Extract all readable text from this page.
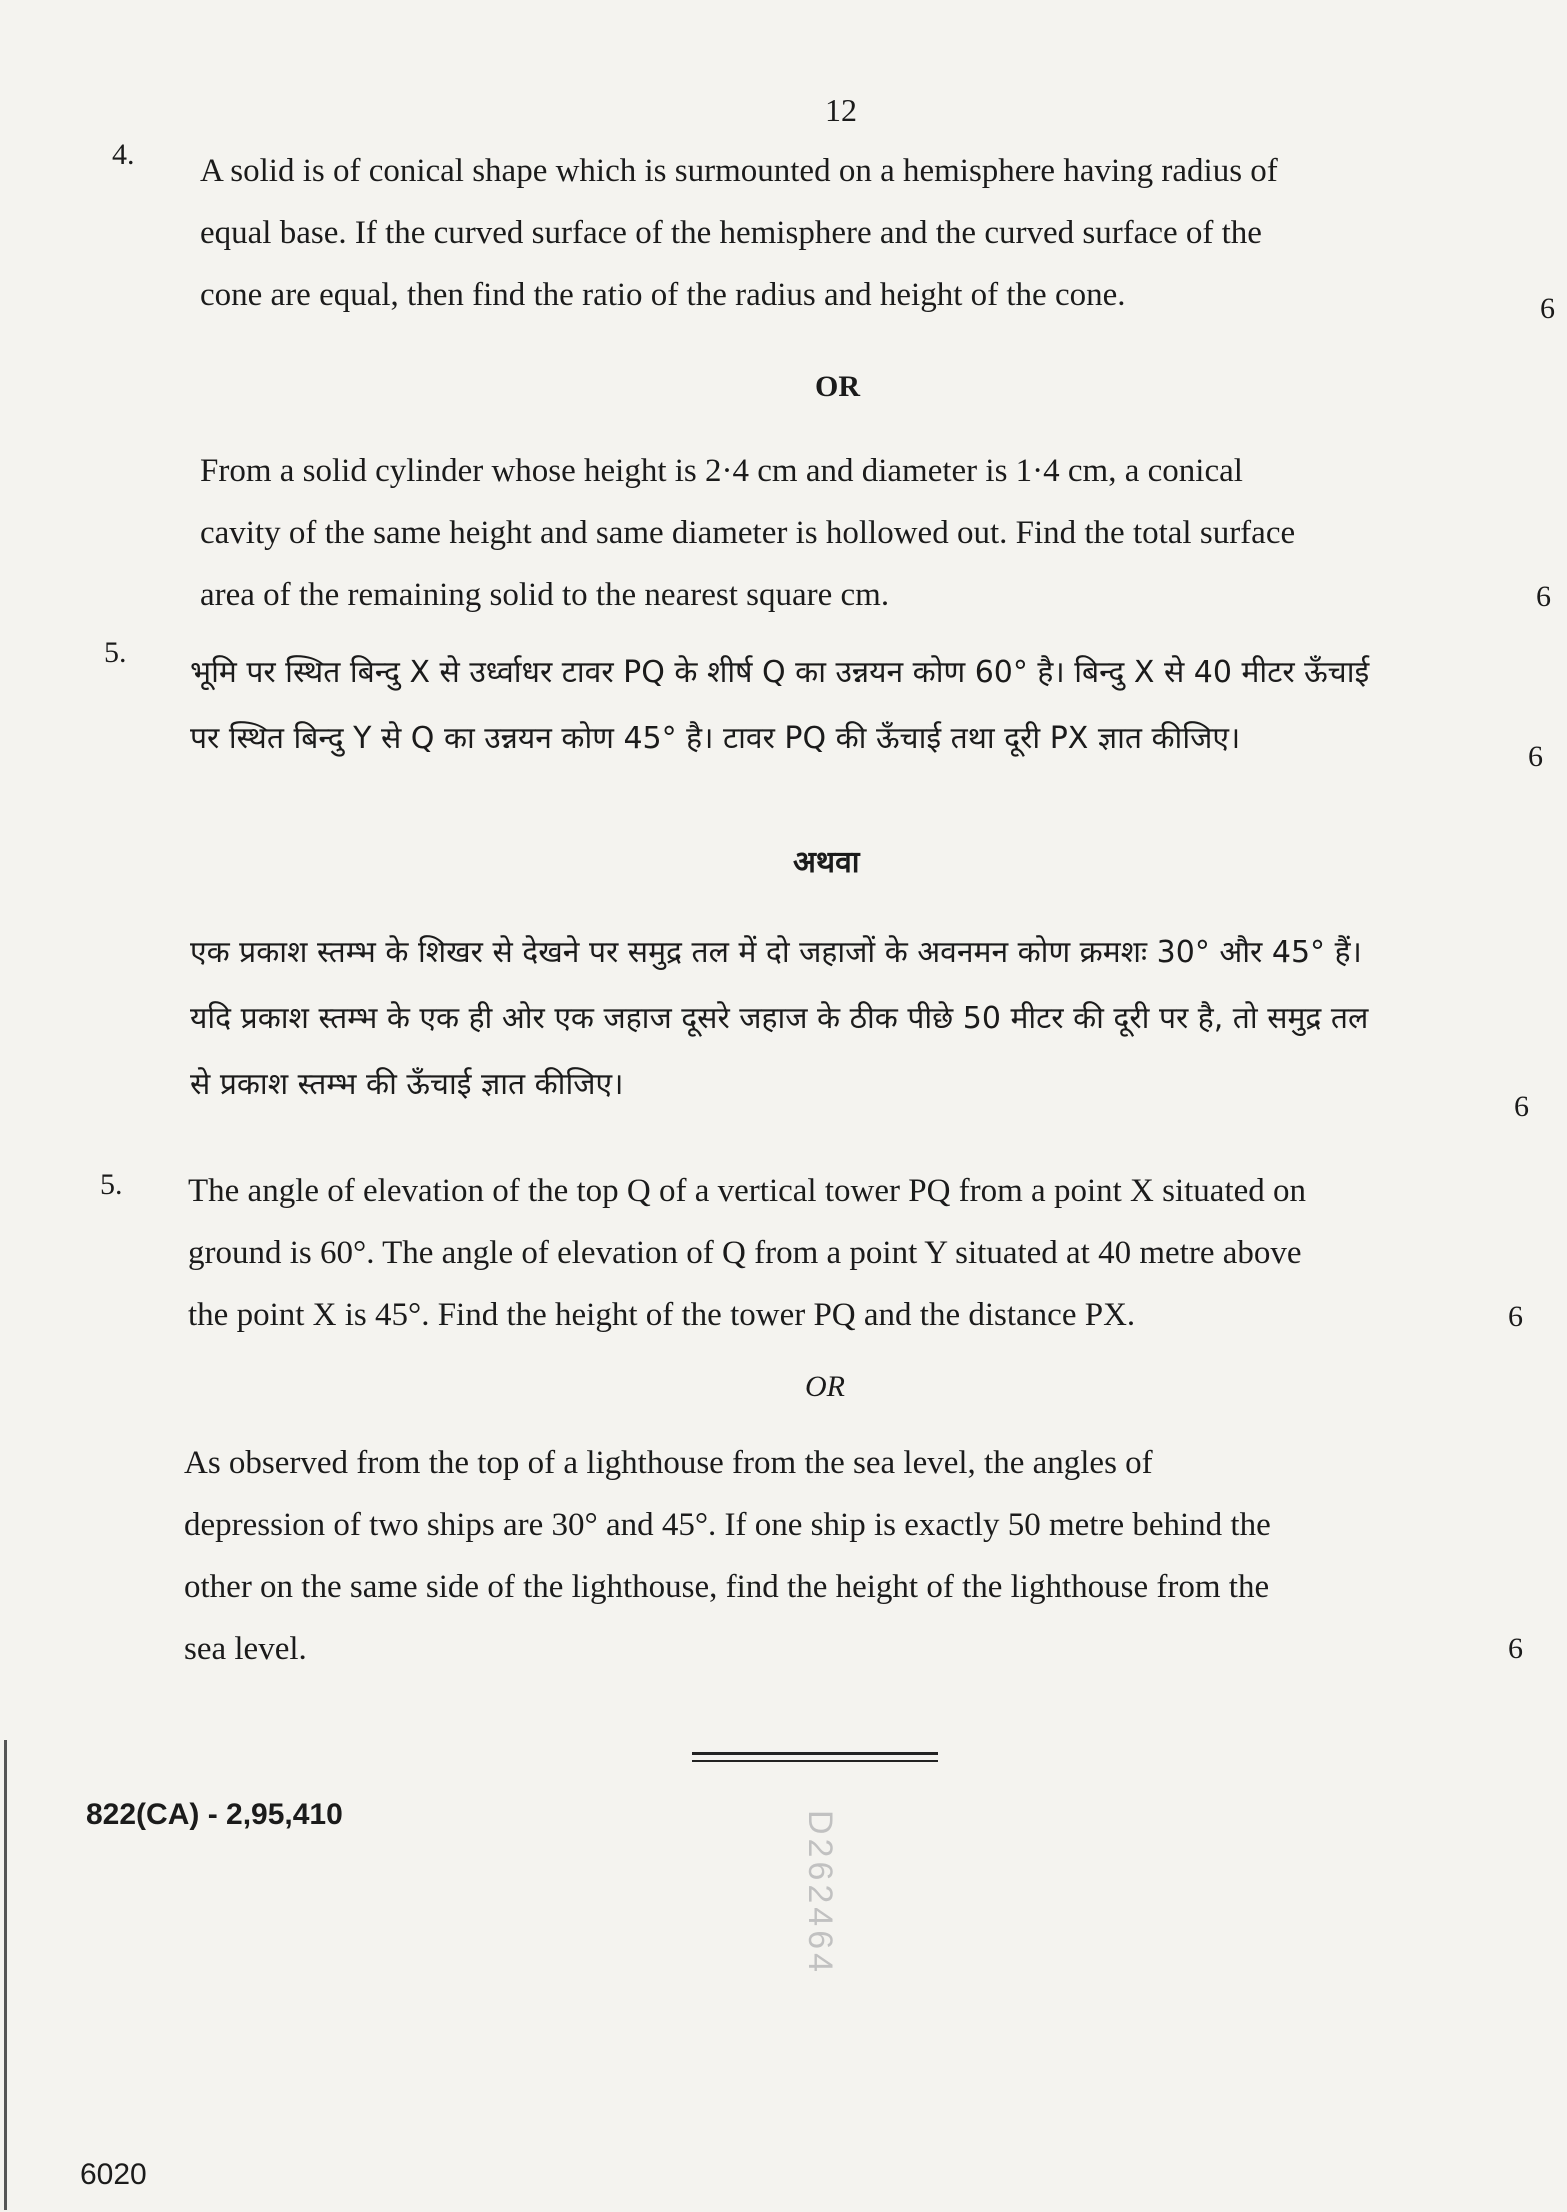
12
4. A solid is of conical shape which is surmounted on a hemisphere having radius of
equal base. If the curved surface of the hemisphere and the curved surface of the
cone are equal, then find the ratio of the radius and height of the cone.	6
OR
From a solid cylinder whose height is 2·4 cm and diameter is 1·4 cm, a conical
cavity of the same height and same diameter is hollowed out. Find the total surface
area of the remaining solid to the nearest square cm.	6
5.
भूमि पर स्थित बिन्दु X से उर्ध्वाधर टावर PQ के शीर्ष Q का उन्नयन कोण 60° है। बिन्दु X से 40 मीटर ऊँचाई
पर स्थित बिन्दु Y से Q का उन्नयन कोण 45° है। टावर PQ की ऊँचाई तथा दूरी PX ज्ञात कीजिए।
6
अथवा
एक प्रकाश स्तम्भ के शिखर से देखने पर समुद्र तल में दो जहाजों के अवनमन कोण क्रमशः 30° और 45° हैं।
यदि प्रकाश स्तम्भ के एक ही ओर एक जहाज दूसरे जहाज के ठीक पीछे 50 मीटर की दूरी पर है, तो समुद्र तल
से प्रकाश स्तम्भ की ऊँचाई ज्ञात कीजिए।
6
5. The angle of elevation of the top Q of a vertical tower PQ from a point X situated on
ground is 60°. The angle of elevation of Q from a point Y situated at 40 metre above
the point X is 45°. Find the height of the tower PQ and the distance PX.	6
OR
As observed from the top of a lighthouse from the sea level, the angles of
depression of two ships are 30° and 45°. If one ship is exactly 50 metre behind the
other on the same side of the lighthouse, find the height of the lighthouse from the
sea level.	6
822(CA) - 2,95,410
6020
D262464
